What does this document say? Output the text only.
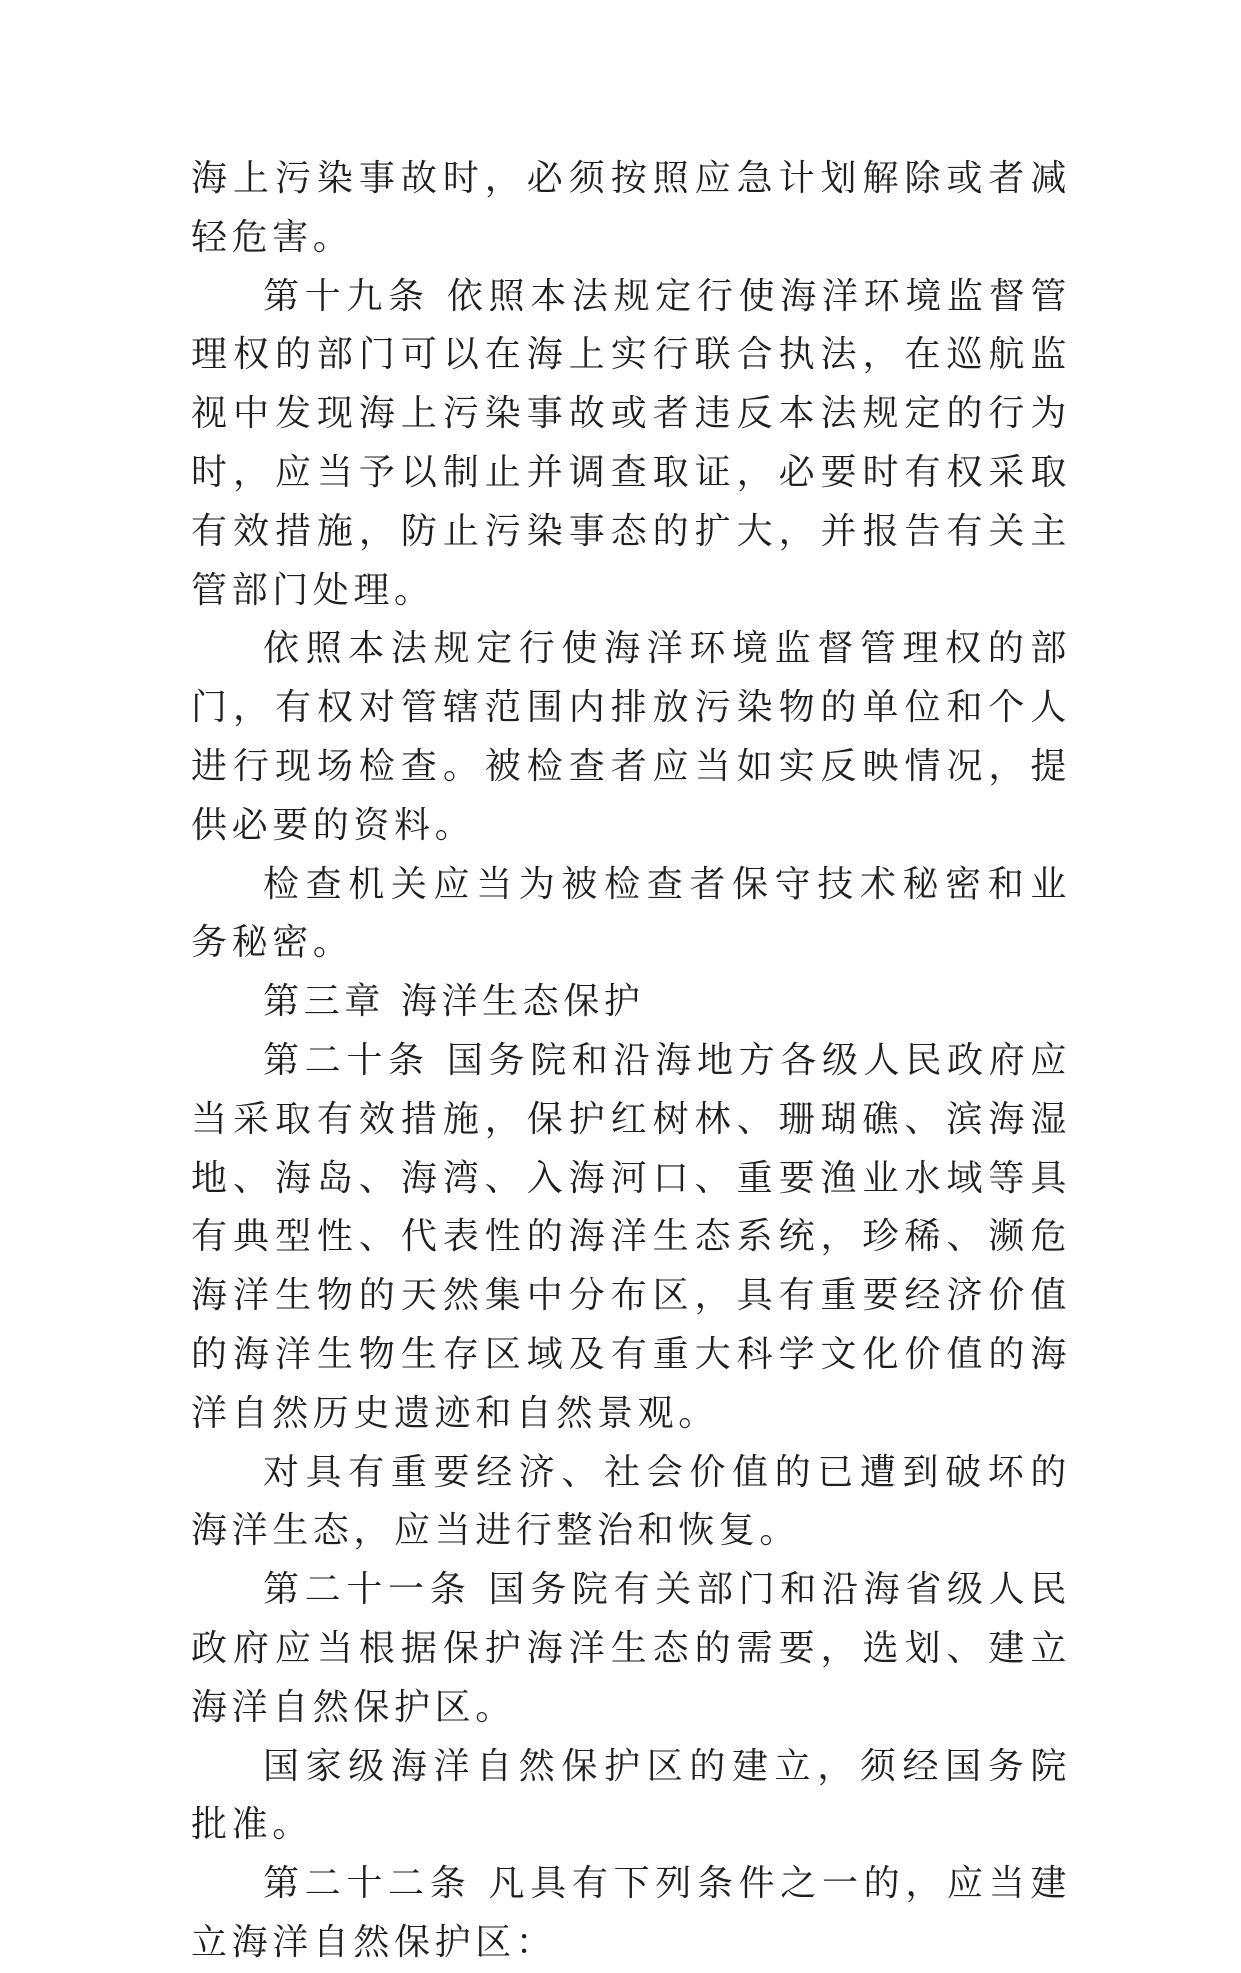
海上污染事故时，必须按照应急计划解除或者减轻危害。

第十九条 依照本法规定行使海洋环境监督管理权的部门可以在海上实行联合执法，在巡航监视中发现海上污染事故或者违反本法规定的行为时，应当予以制止并调查取证，必要时有权采取有效措施，防止污染事态的扩大，并报告有关主管部门处理。

依照本法规定行使海洋环境监督管理权的部门，有权对管辖范围内排放污染物的单位和个人进行现场检查。被检查者应当如实反映情况，提供必要的资料。

检查机关应当为被检查者保守技术秘密和业务秘密。

第三章 海洋生态保护

第二十条 国务院和沿海地方各级人民政府应当采取有效措施，保护红树林、珊瑚礁、滨海湿地、海岛、海湾、入海河口、重要渔业水域等具有典型性、代表性的海洋生态系统，珍稀、濒危海洋生物的天然集中分布区，具有重要经济价值的海洋生物生存区域及有重大科学文化价值的海洋自然历史遗迹和自然景观。

对具有重要经济、社会价值的已遭到破坏的海洋生态，应当进行整治和恢复。

第二十一条 国务院有关部门和沿海省级人民政府应当根据保护海洋生态的需要，选划、建立海洋自然保护区。

国家级海洋自然保护区的建立，须经国务院批准。

第二十二条 凡具有下列条件之一的，应当建立海洋自然保护区：
